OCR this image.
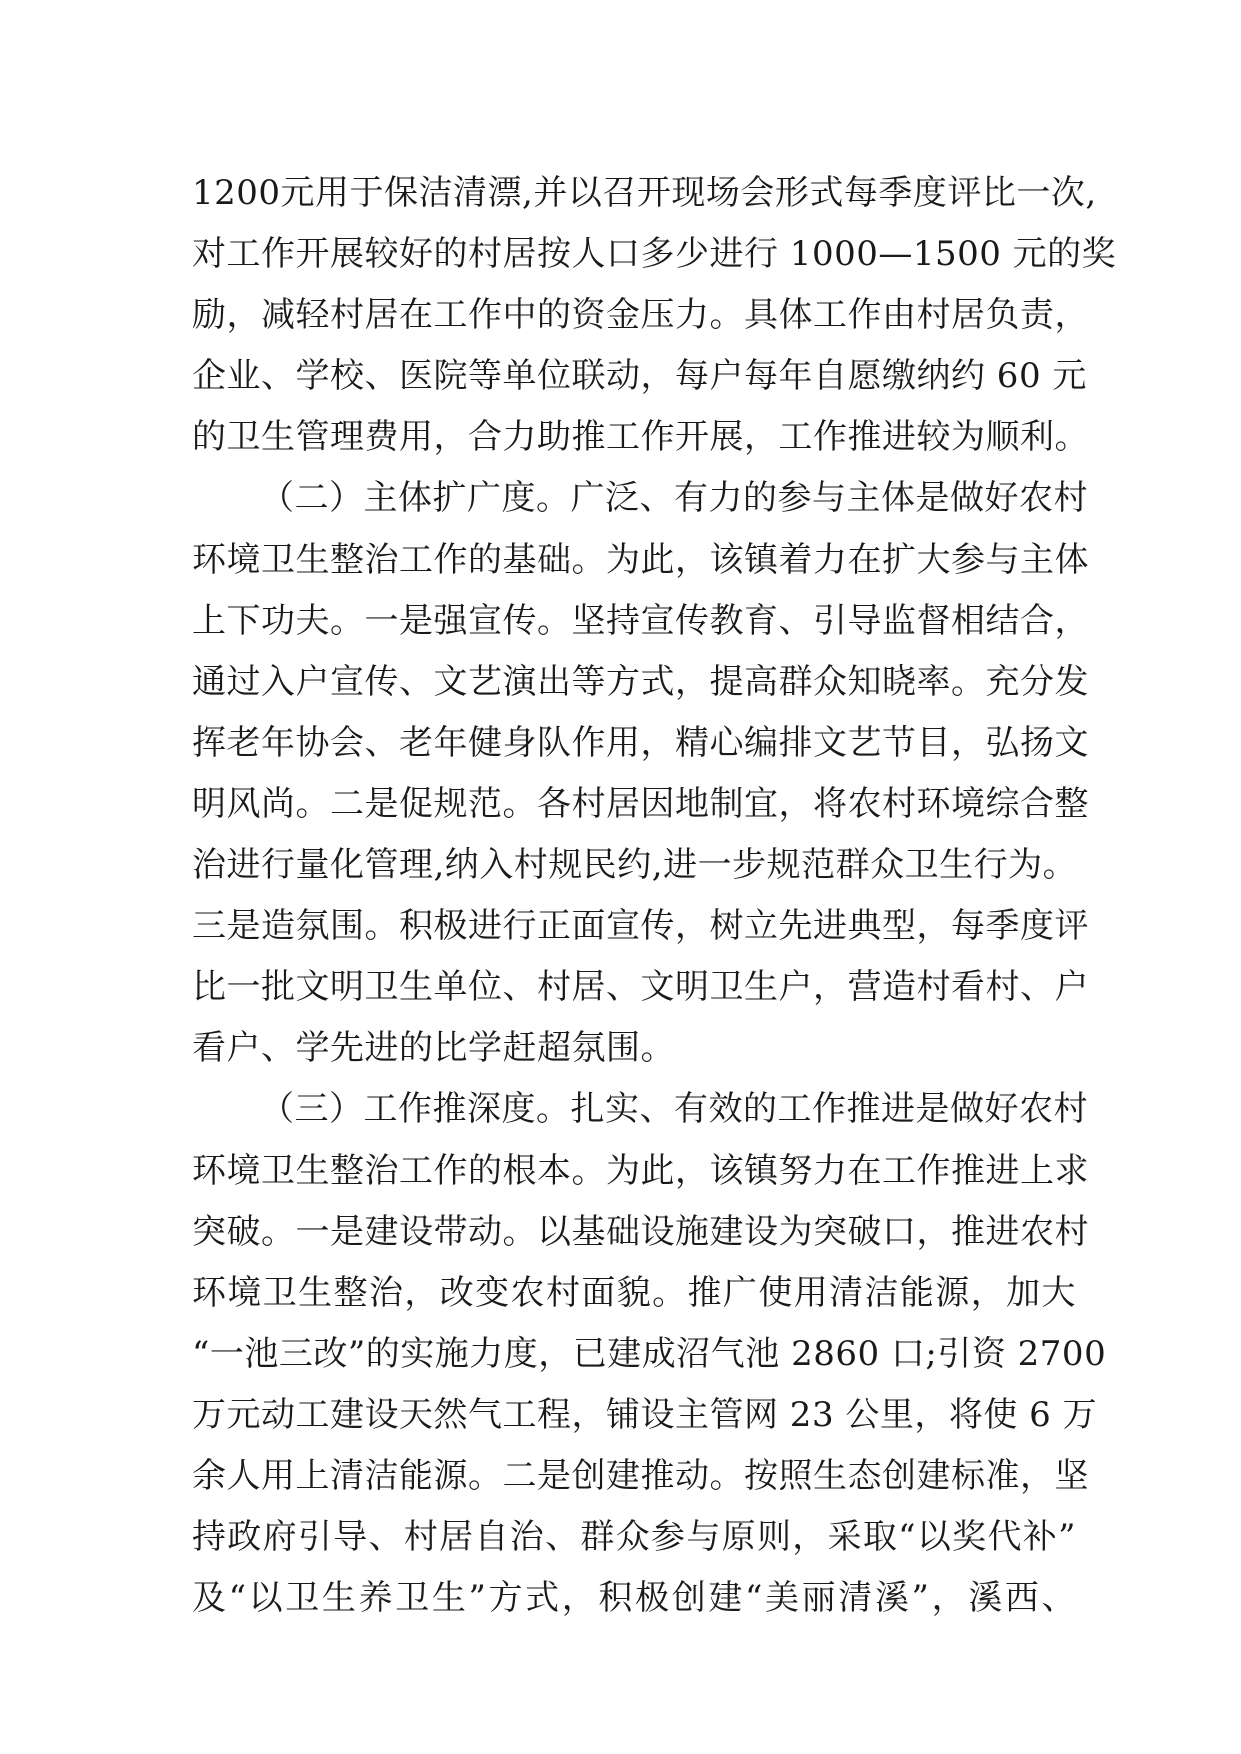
1200元用于保洁清漂,并以召开现场会形式每季度评比一次,
对工作开展较好的村居按人口多少进行 1000—1500 元的奖
励，减轻村居在工作中的资金压力。具体工作由村居负责，
企业、学校、医院等单位联动，每户每年自愿缴纳约 60 元
的卫生管理费用，合力助推工作开展，工作推进较为顺利。
（二）主体扩广度。广泛、有力的参与主体是做好农村
环境卫生整治工作的基础。为此，该镇着力在扩大参与主体
上下功夫。一是强宣传。坚持宣传教育、引导监督相结合，
通过入户宣传、文艺演出等方式，提高群众知晓率。充分发
挥老年协会、老年健身队作用，精心编排文艺节目，弘扬文
明风尚。二是促规范。各村居因地制宜，将农村环境综合整
治进行量化管理,纳入村规民约,进一步规范群众卫生行为。
三是造氛围。积极进行正面宣传，树立先进典型，每季度评
比一批文明卫生单位、村居、文明卫生户，营造村看村、户
看户、学先进的比学赶超氛围。
（三）工作推深度。扎实、有效的工作推进是做好农村
环境卫生整治工作的根本。为此，该镇努力在工作推进上求
突破。一是建设带动。以基础设施建设为突破口，推进农村
环境卫生整治，改变农村面貌。推广使用清洁能源，加大
“一池三改”的实施力度，已建成沼气池 2860 口;引资 2700
万元动工建设天然气工程，铺设主管网 23 公里，将使 6 万
余人用上清洁能源。二是创建推动。按照生态创建标准，坚
持政府引导、村居自治、群众参与原则，采取“以奖代补”
及“以卫生养卫生”方式，积极创建“美丽清溪”，溪西、
